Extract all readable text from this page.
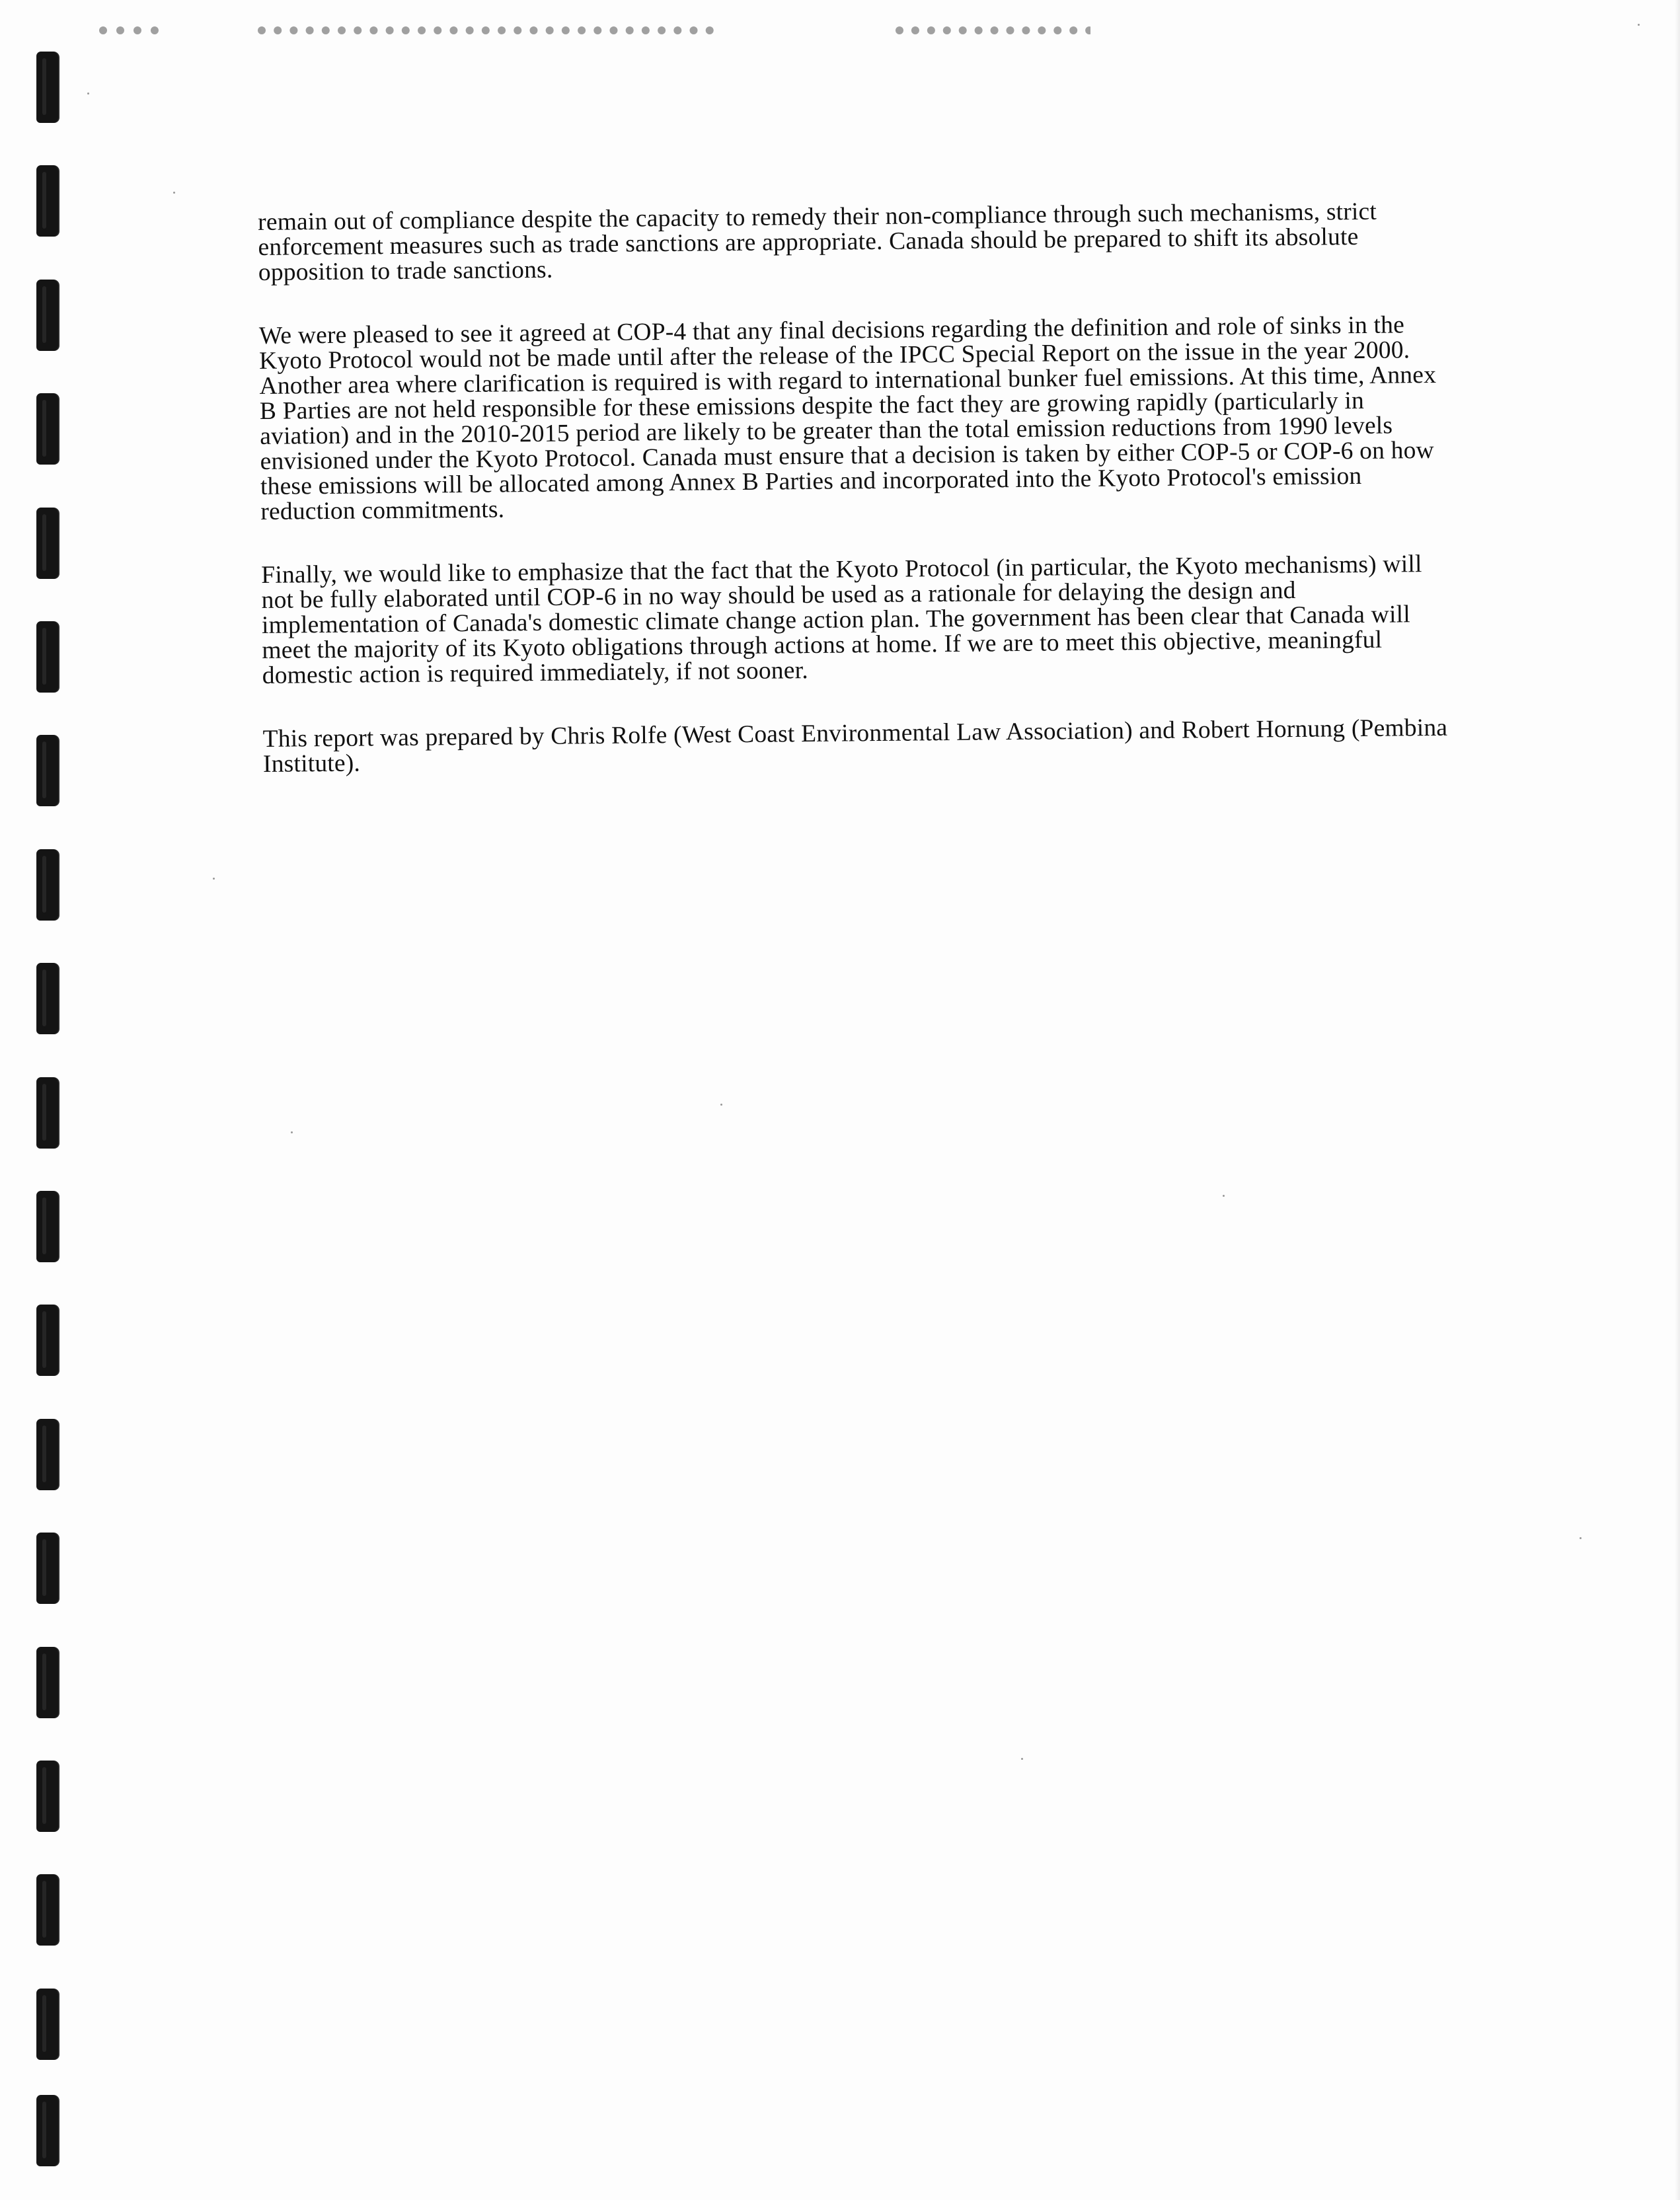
remain out of compliance despite the capacity to remedy their non-compliance through such mechanisms, strict enforcement measures such as trade sanctions are appropriate. Canada should be prepared to shift its absolute opposition to trade sanctions.

We were pleased to see it agreed at COP-4 that any final decisions regarding the definition and role of sinks in the Kyoto Protocol would not be made until after the release of the IPCC Special Report on the issue in the year 2000. Another area where clarification is required is with regard to international bunker fuel emissions. At this time, Annex B Parties are not held responsible for these emissions despite the fact they are growing rapidly (particularly in aviation) and in the 2010-2015 period are likely to be greater than the total emission reductions from 1990 levels envisioned under the Kyoto Protocol. Canada must ensure that a decision is taken by either COP-5 or COP-6 on how these emissions will be allocated among Annex B Parties and incorporated into the Kyoto Protocol's emission reduction commitments.

Finally, we would like to emphasize that the fact that the Kyoto Protocol (in particular, the Kyoto mechanisms) will not be fully elaborated until COP-6 in no way should be used as a rationale for delaying the design and implementation of Canada's domestic climate change action plan. The government has been clear that Canada will meet the majority of its Kyoto obligations through actions at home. If we are to meet this objective, meaningful domestic action is required immediately, if not sooner.

This report was prepared by Chris Rolfe (West Coast Environmental Law Association) and Robert Hornung (Pembina Institute).
